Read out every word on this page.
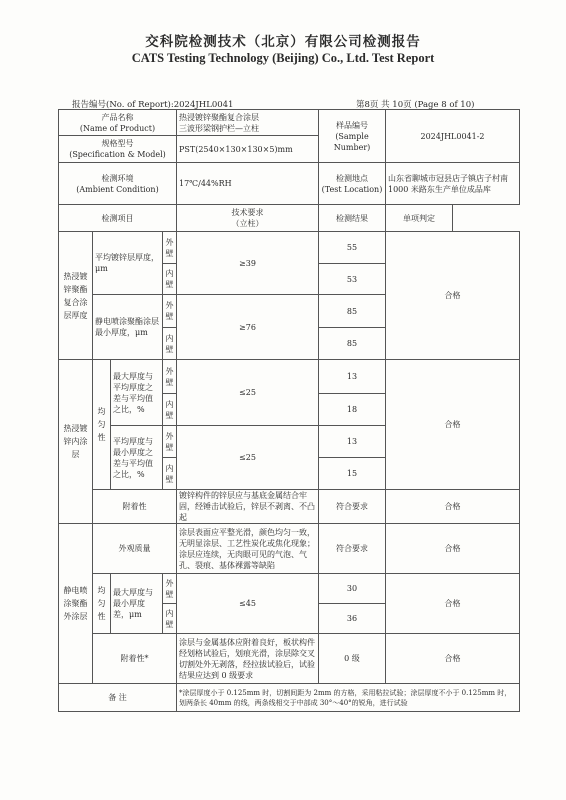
交科院检测技术（北京）有限公司检测报告
CATS Testing Technology (Beijing) Co., Ltd. Test Report
报告编号(No. of Report):2024JHL0041	第8页 共 10页 (Page 8 of 10)
产品名称
(Name of Product)				热浸镀锌聚酯复合涂层
三波形梁钢护栏—立柱	样品编号
(Sample Number)	2024JHL0041-2
规格型号
(Specification & Model)				PST(2540×130×130×5)mm		
检测环境
(Ambient Condition)				17℃/44%RH	检测地点
(Test Location)	山东省聊城市冠县店子镇店子村南 1000 米路东生产单位成品库
检测项目				技术要求
（立柱）	检测结果	单项判定
热浸镀锌聚酯复合涂层厚度	平均镀锌层厚度，μm		外壁	≥39	55	合格
			内壁		53	
	静电喷涂聚酯涂层最小厚度，μm		外壁	≥76	85	
			内壁		85	
热浸镀锌内涂层	均匀性	最大厚度与平均厚度之差与平均值之比，%	外壁	≤25	13	合格
			内壁		18	
		平均厚度与最小厚度之差与平均值之比，%	外壁	≤25	13	
			内壁		15	
	附着性			镀锌构件的锌层应与基底金属结合牢固，经锤击试验后，锌层不剥离、不凸起	符合要求	合格
静电喷涂聚酯外涂层	外观质量			涂层表面应平整光滑，颜色均匀一致，无明显涂层、工艺性炭化或焦化现象；涂层应连续，无肉眼可见的气泡、气孔、裂痕、基体裸露等缺陷	符合要求	合格
	均匀性	最大厚度与最小厚度差，μm	外壁	≤45	30	合格
			内壁		36	
	附着性*			涂层与金属基体应附着良好，板状构件经划格试验后，划痕光滑，涂层除交叉切割处外无剥落，经拉拔试验后，试验结果应达到 0 级要求	0 级	合格
备 注				*涂层厚度小于 0.125mm 时，切割间距为 2mm 的方格，采用粘拉试验；涂层厚度不小于 0.125mm 时，划两条长 40mm 的线，两条线相交于中部成 30°～40°的锐角，进行试验		
